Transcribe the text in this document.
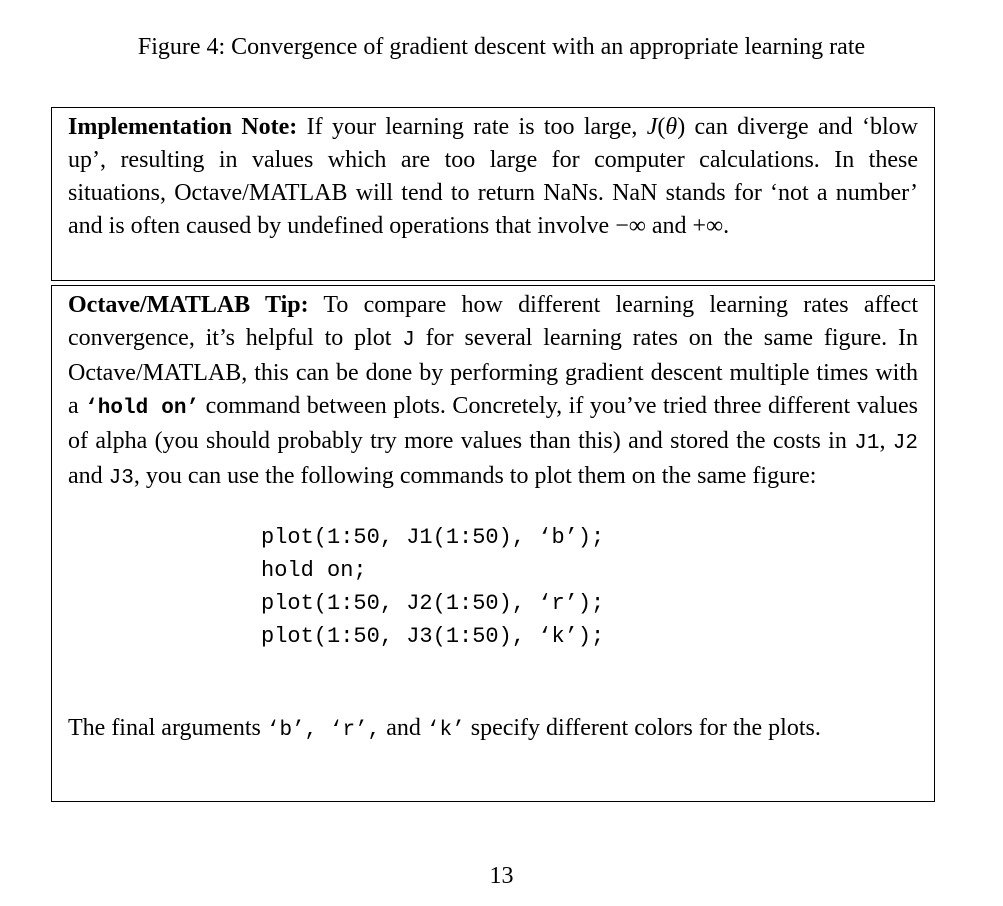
Figure 4: Convergence of gradient descent with an appropriate learning rate

Implementation Note: If your learning rate is too large, J(θ) can diverge and ‘blow up’, resulting in values which are too large for computer calculations. In these situations, Octave/MATLAB will tend to return NaNs. NaN stands for ‘not a number’ and is often caused by undefined operations that involve −∞ and +∞.

Octave/MATLAB Tip: To compare how different learning learning rates affect convergence, it’s helpful to plot J for several learning rates on the same figure. In Octave/MATLAB, this can be done by performing gradient descent multiple times with a ‘hold on’ command between plots. Concretely, if you’ve tried three different values of alpha (you should probably try more values than this) and stored the costs in J1, J2 and J3, you can use the following commands to plot them on the same figure:

plot(1:50, J1(1:50), ‘b’);
hold on;
plot(1:50, J2(1:50), ‘r’);
plot(1:50, J3(1:50), ‘k’);

The final arguments ‘b’, ‘r’, and ‘k’ specify different colors for the plots.

13
